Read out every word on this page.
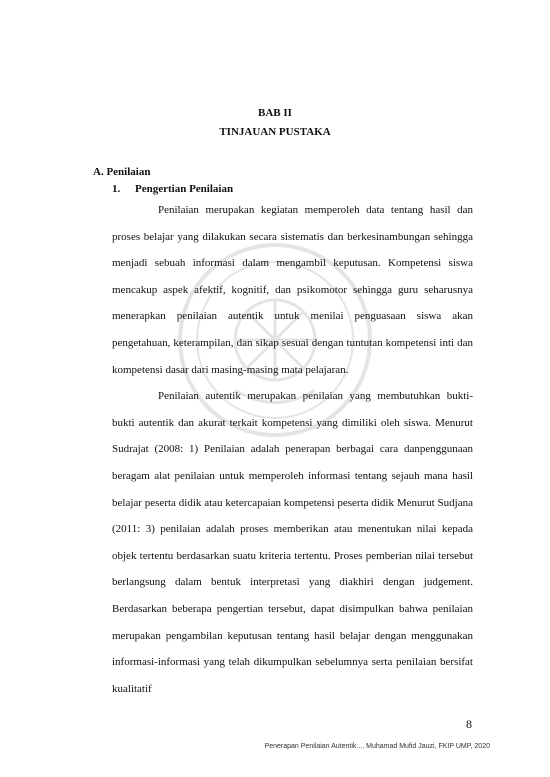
BAB II
TINJAUAN PUSTAKA
A. Penilaian
1. Pengertian Penilaian

Penilaian merupakan kegiatan memperoleh data tentang hasil dan proses belajar yang dilakukan secara sistematis dan berkesinambungan sehingga menjadi sebuah informasi dalam mengambil keputusan. Kompetensi siswa mencakup aspek afektif, kognitif, dan psikomotor sehingga guru seharusnya menerapkan penilaian autentik untuk menilai penguasaan siswa akan pengetahuan, keterampilan, dan sikap sesuai dengan tuntutan kompetensi inti dan kompetensi dasar dari masing-masing mata pelajaran.

Penilaian autentik merupakan penilaian yang membutuhkan bukti-bukti autentik dan akurat terkait kompetensi yang dimiliki oleh siswa. Menurut Sudrajat (2008: 1) Penilaian adalah penerapan berbagai cara danpenggunaan beragam alat penilaian untuk memperoleh informasi tentang sejauh mana hasil belajar peserta didik atau ketercapaian kompetensi peserta didik Menurut Sudjana (2011: 3) penilaian adalah proses memberikan atau menentukan nilai kepada objek tertentu berdasarkan suatu kriteria tertentu. Proses pemberian nilai tersebut berlangsung dalam bentuk interpretasi yang diakhiri dengan judgement. Berdasarkan beberapa pengertian tersebut, dapat disimpulkan bahwa penilaian merupakan pengambilan keputusan tentang hasil belajar dengan menggunakan informasi-informasi yang telah dikumpulkan sebelumnya serta penilaian bersifat kualitatif

8
Penerapan Penilaian Autentik..., Muhamad Mufid Jauzi, FKIP UMP, 2020
